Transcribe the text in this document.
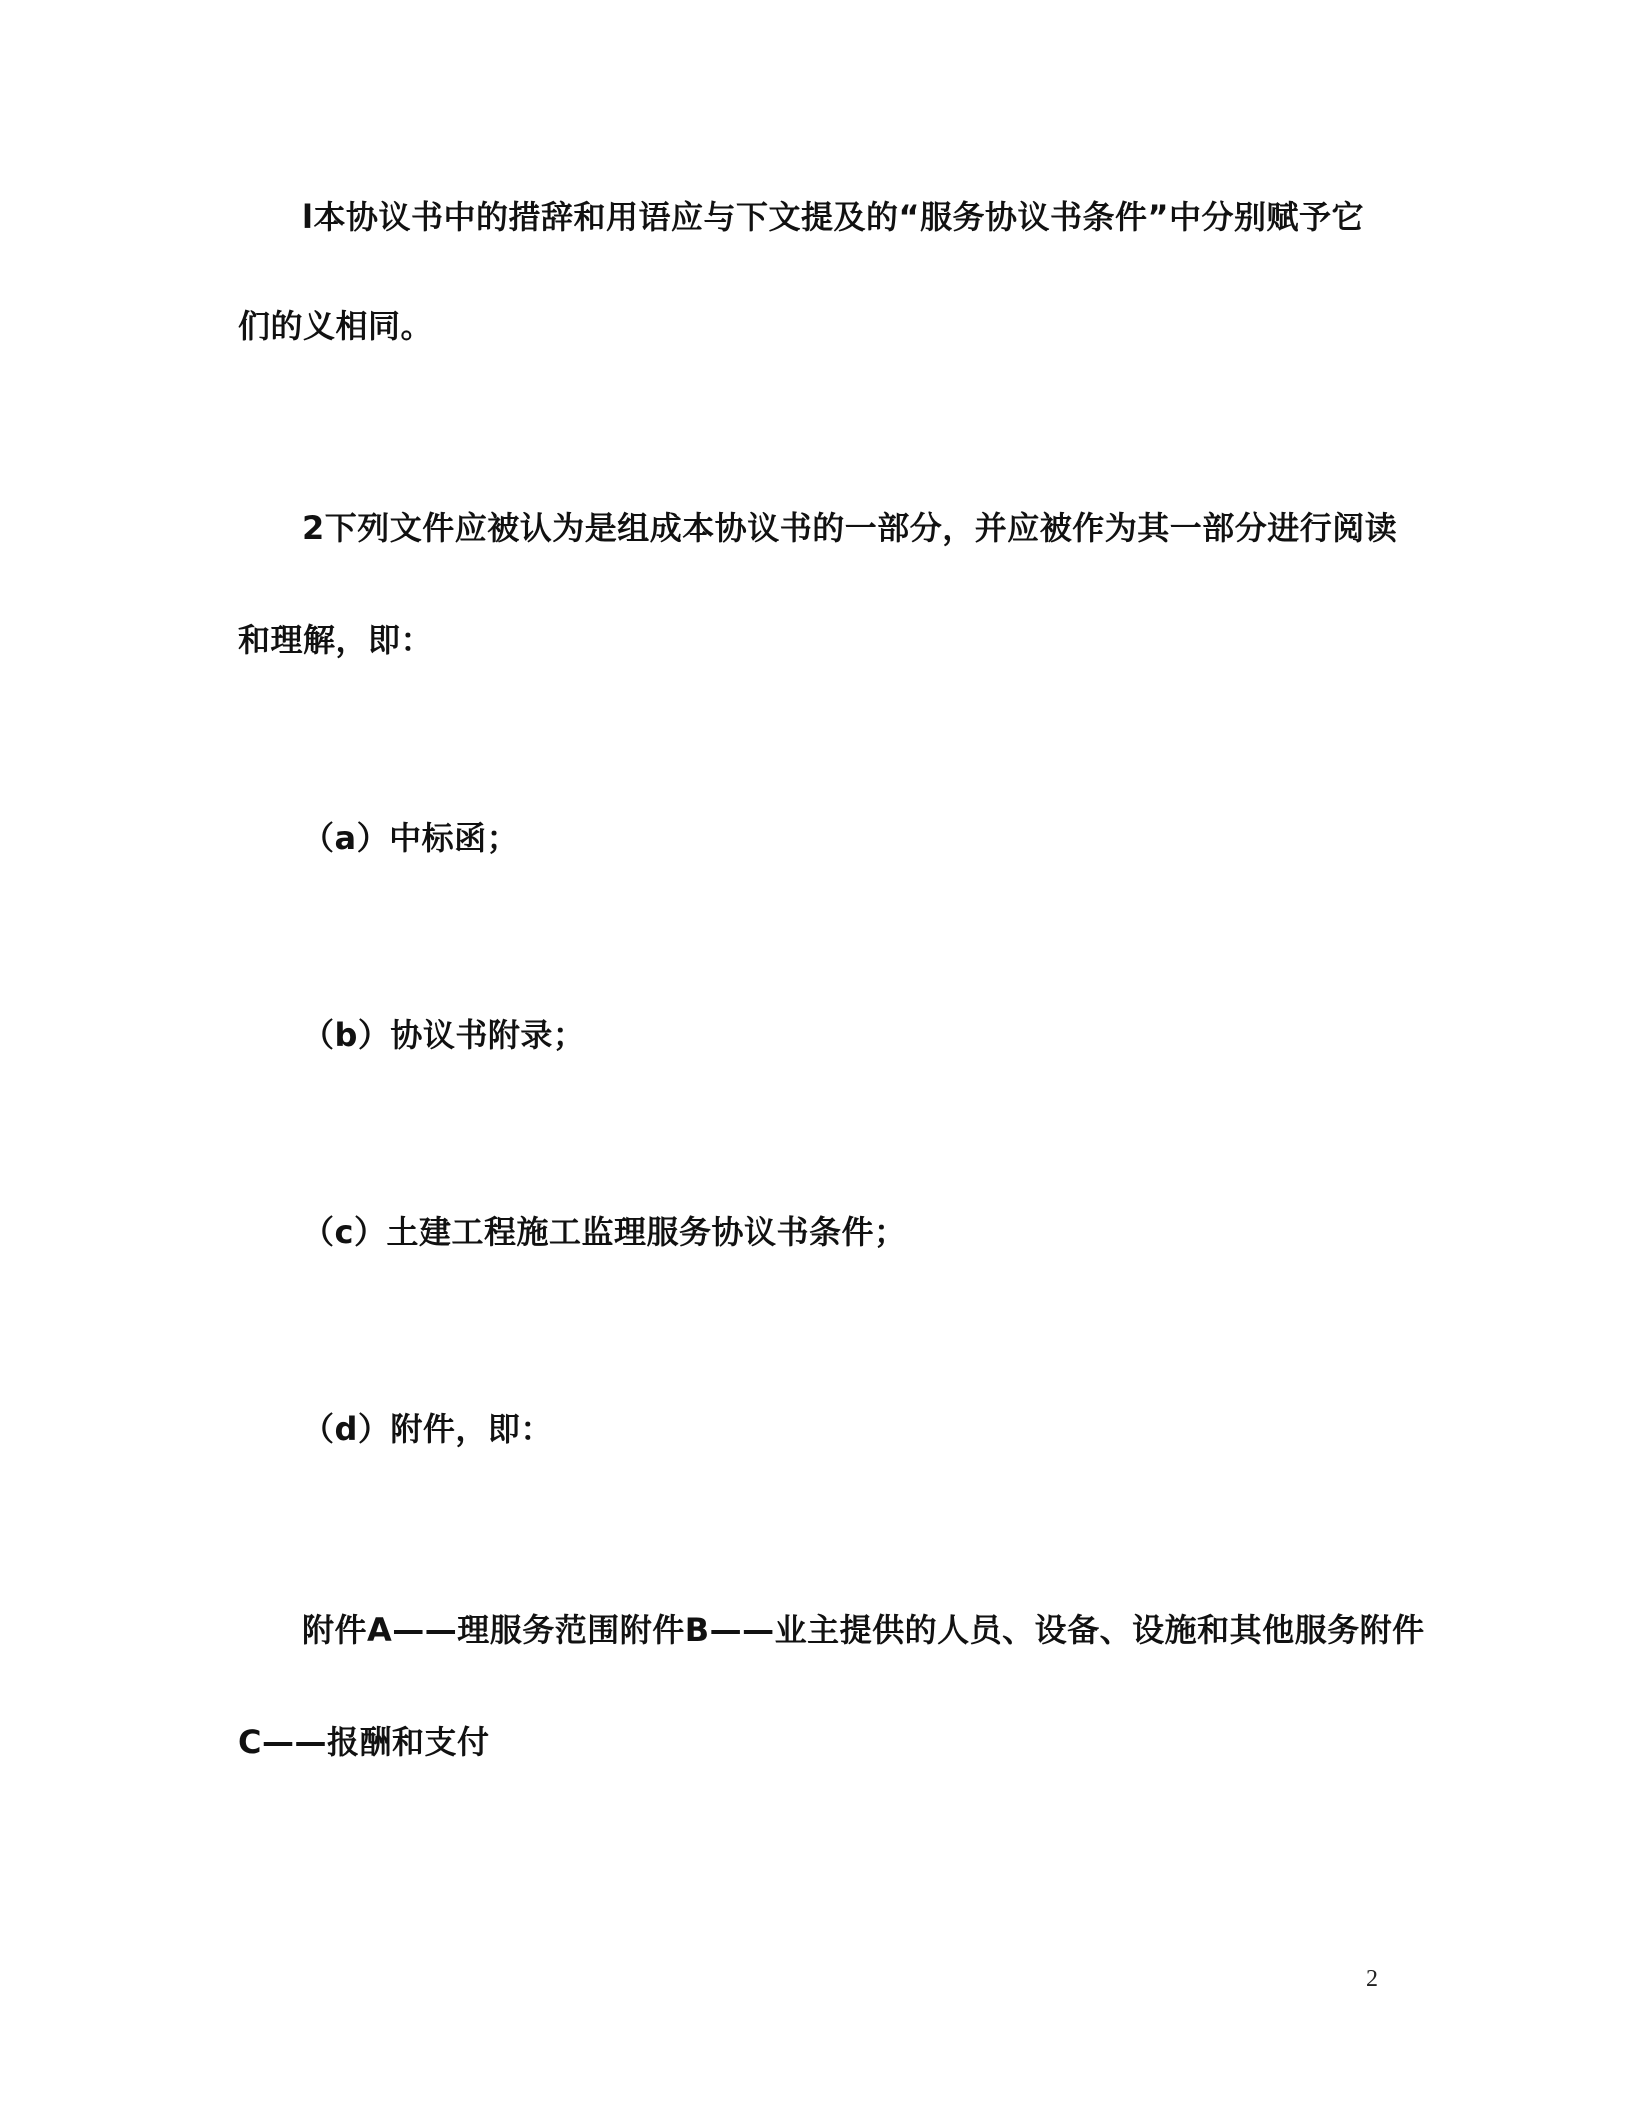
l本协议书中的措辞和用语应与下文提及的“服务协议书条件”中分别赋予它
们的义相同。
2下列文件应被认为是组成本协议书的一部分，并应被作为其一部分进行阅读
和理解，即：
（a）中标函；
（b）协议书附录；
（c）土建工程施工监理服务协议书条件；
（d）附件，即：
附件A——理服务范围附件B——业主提供的人员、设备、设施和其他服务附件
C——报酬和支付
2
